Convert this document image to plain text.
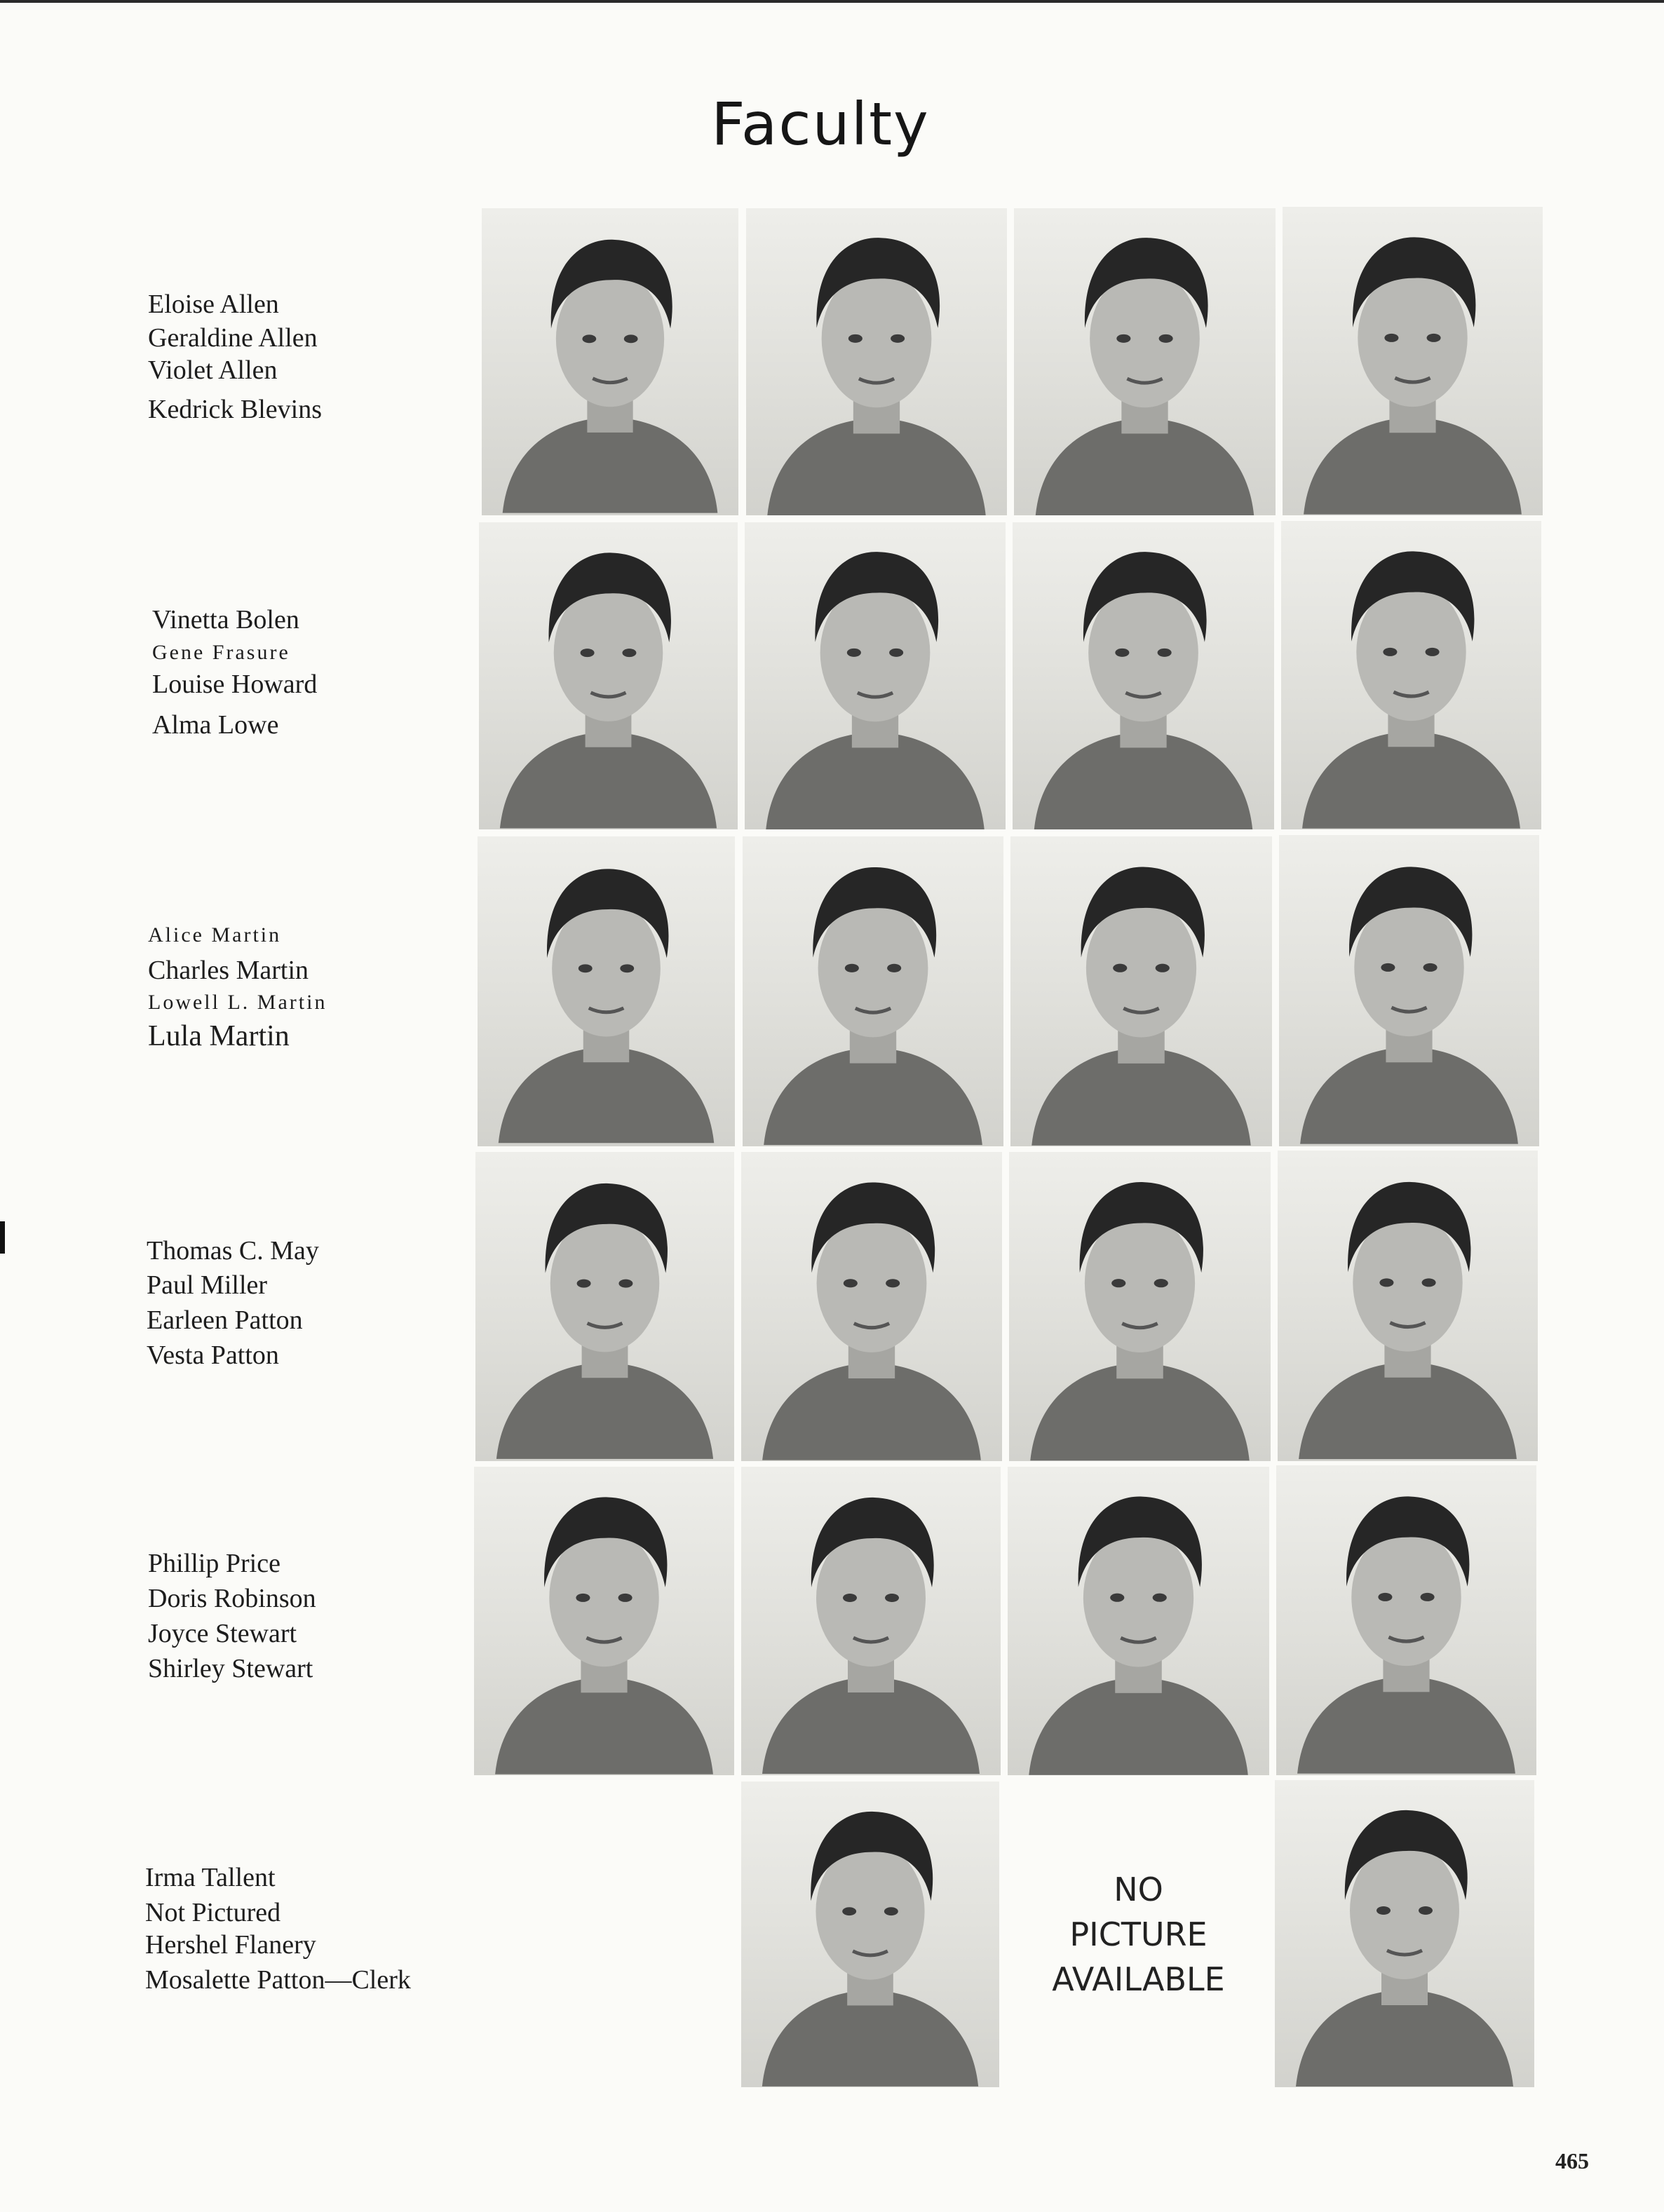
Faculty
Eloise Allen
Geraldine Allen
Violet Allen
Kedrick Blevins
Vinetta Bolen
Gene Frasure
Louise Howard
Alma Lowe
Alice Martin
Charles Martin
Lowell L. Martin
Lula Martin
Thomas C. May
Paul Miller
Earleen Patton
Vesta Patton
Phillip Price
Doris Robinson
Joyce Stewart
Shirley Stewart
Irma Tallent
Not Pictured
Hershel Flanery
Mosalette Patton—Clerk
NO
PICTURE
AVAILABLE
465
